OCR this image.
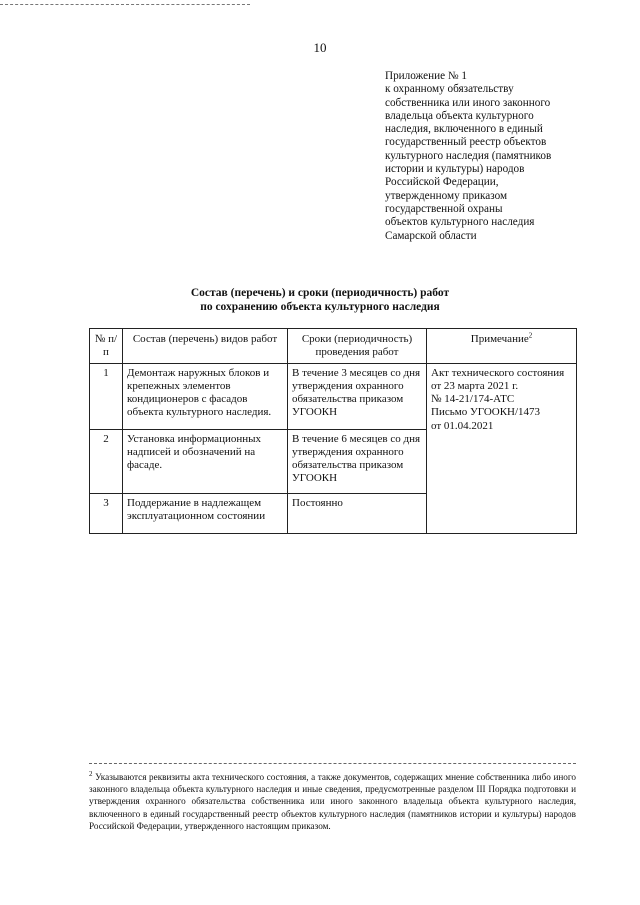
10
Приложение № 1
к охранному обязательству
собственника или иного законного
владельца объекта культурного
наследия, включенного в единый
государственный реестр объектов
культурного наследия (памятников
истории и культуры) народов
Российской Федерации,
утвержденному приказом
государственной охраны
объектов культурного наследия
Самарской области
Состав (перечень) и сроки (периодичность) работ
по сохранению объекта культурного наследия
№ п/п	Состав (перечень) видов работ	Сроки (периодичность) проведения работ	Примечание$^2$
1	Демонтаж наружных блоков и крепежных элементов кондиционеров с фасадов объекта культурного наследия.	В течение 3 месяцев со дня утверждения охранного обязательства приказом УГООКН	Акт технического состояния
от 23 марта 2021 г.
№ 14-21/174-АТС
Письмо УГООКН/1473
от 01.04.2021

2	Установка информационных надписей и обозначений на фасаде.	В течение 6 месяцев со дня утверждения охранного обязательства приказом УГООКН	
3	Поддержание в надлежащем эксплуатационном состоянии	Постоянно	
$^2$ Указываются реквизиты акта технического состояния, а также документов, содержащих мнение собственника либо иного законного владельца объекта культурного наследия и иные сведения, предусмотренные разделом III Порядка подготовки и утверждения охранного обязательства собственника или иного законного владельца объекта культурного наследия, включенного в единый государственный реестр объектов культурного наследия (памятников истории и культуры) народов Российской Федерации, утвержденного настоящим приказом.
